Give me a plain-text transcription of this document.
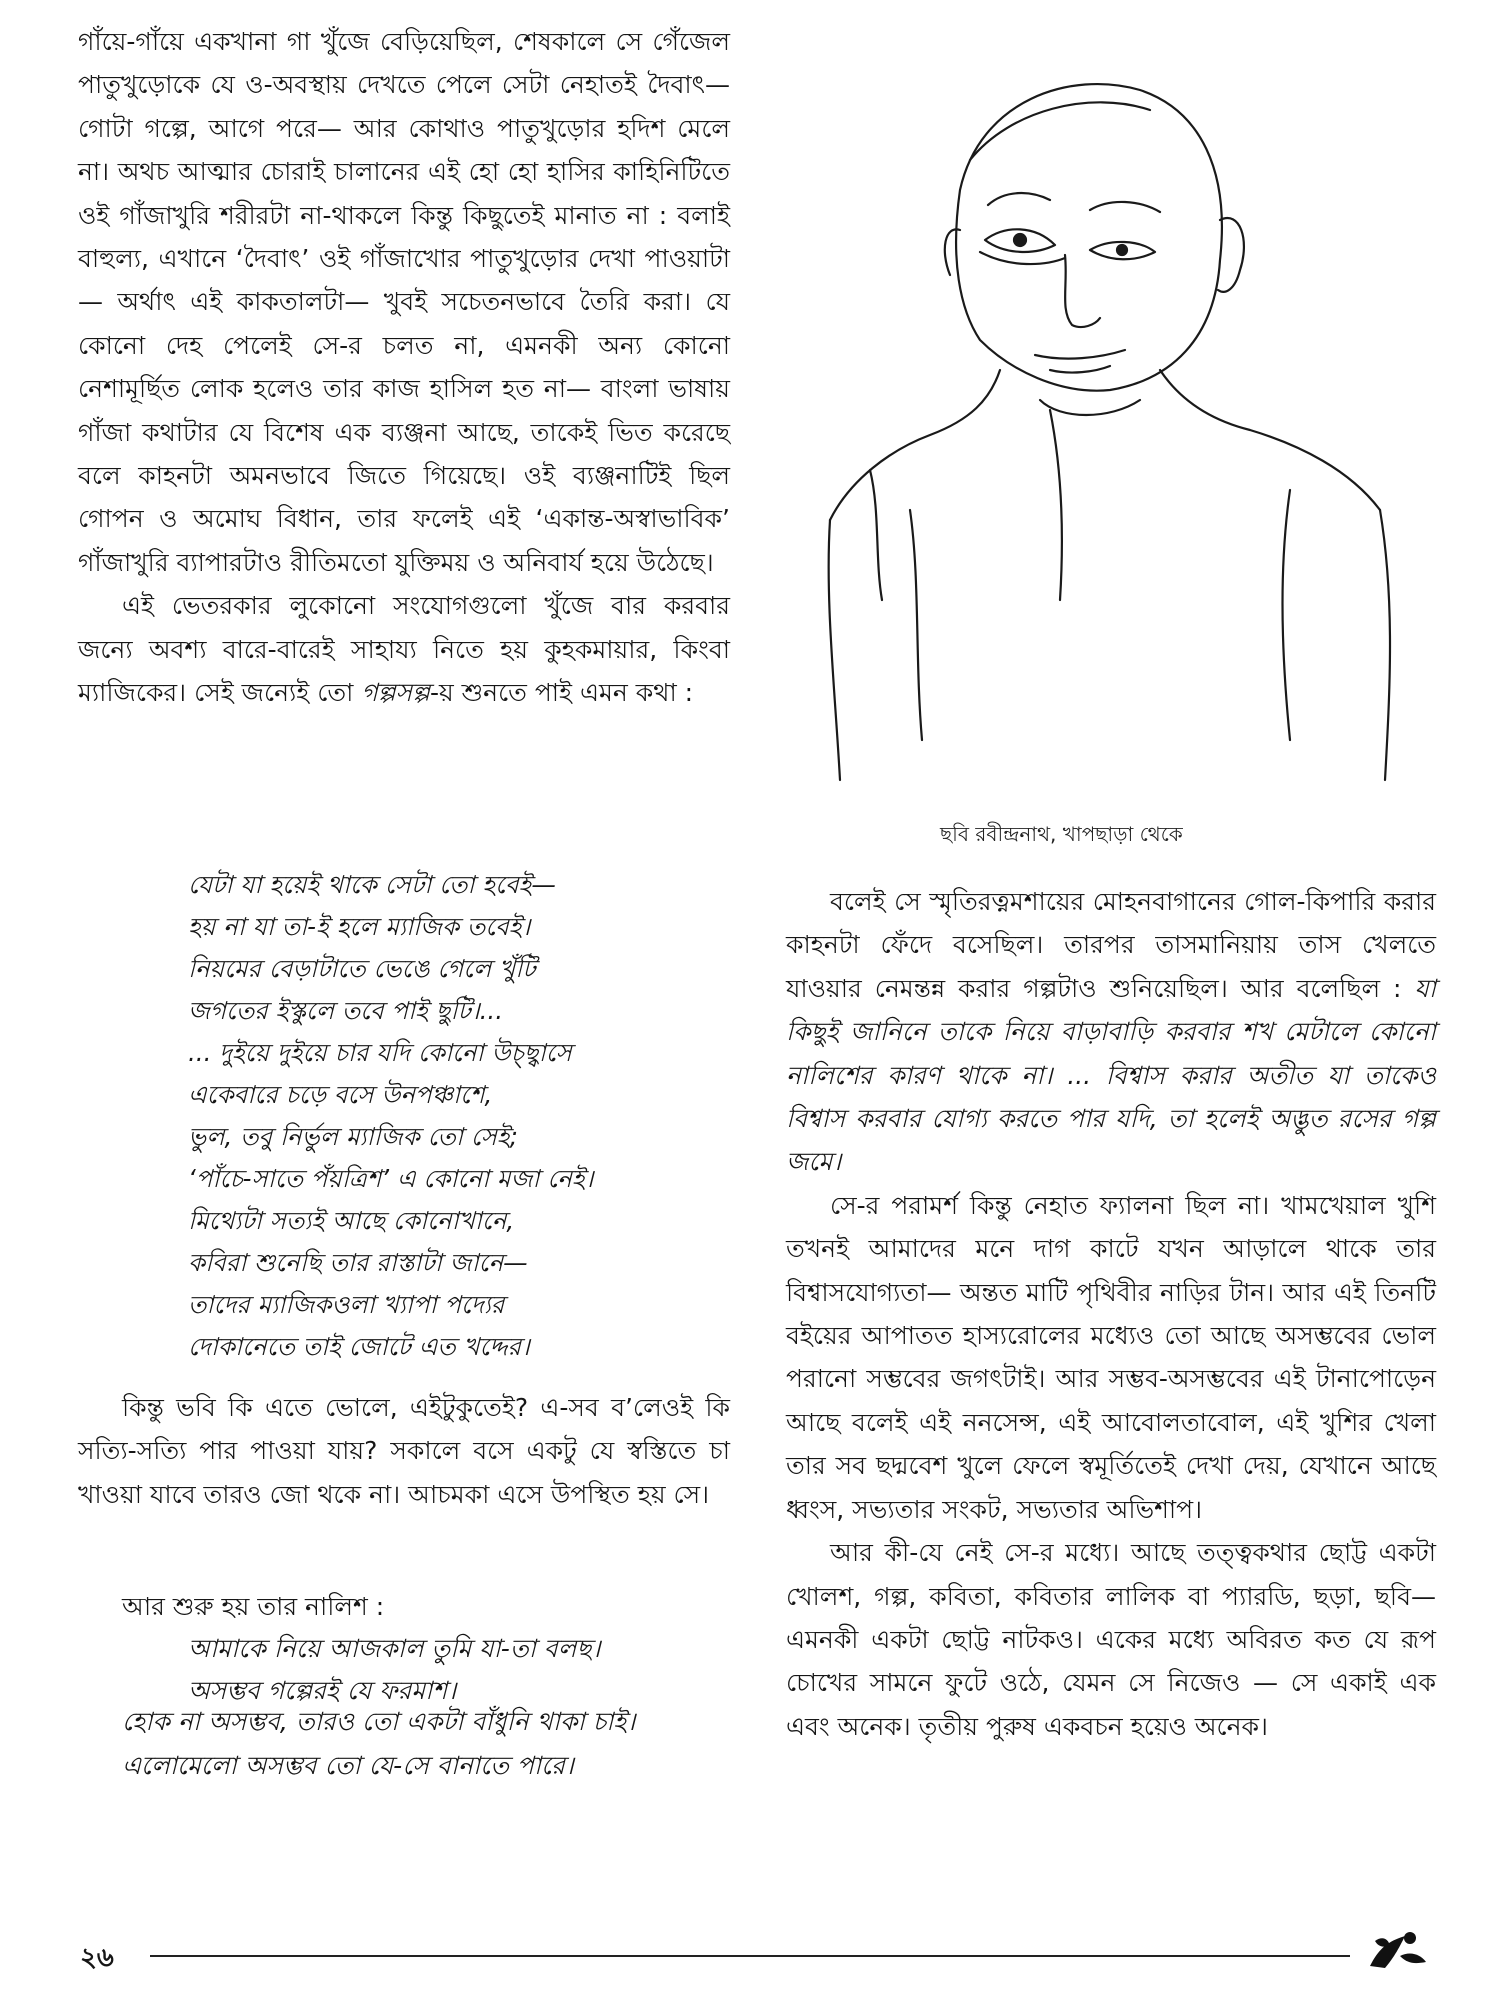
গাঁয়ে-গাঁয়ে একখানা গা খুঁজে বেড়িয়েছিল, শেষকালে সে গেঁজেল পাতুখুড়োকে যে ও-অবস্থায় দেখতে পেলে সেটা নেহাতই দৈবাৎ— গোটা গল্পে, আগে পরে— আর কোথাও পাতুখুড়োর হদিশ মেলে না। অথচ আত্মার চোরাই চালানের এই হো হো হাসির কাহিনিটিতে ওই গাঁজাখুরি শরীরটা না-থাকলে কিন্তু কিছুতেই মানাত না : বলাই বাহুল্য, এখানে ‘দৈবাৎ’ ওই গাঁজাখোর পাতুখুড়োর দেখা পাওয়াটা— অর্থাৎ এই কাকতালটা— খুবই সচেতনভাবে তৈরি করা। যে কোনো দেহ পেলেই সে-র চলত না, এমনকী অন্য কোনো নেশামূর্ছিত লোক হলেও তার কাজ হাসিল হত না— বাংলা ভাষায় গাঁজা কথাটার যে বিশেষ এক ব্যঞ্জনা আছে, তাকেই ভিত করেছে বলে কাহনটা অমনভাবে জিতে গিয়েছে। ওই ব্যঞ্জনাটিই ছিল গোপন ও অমোঘ বিধান, তার ফলেই এই ‘একান্ত-অস্বাভাবিক’ গাঁজাখুরি ব্যাপারটাও রীতিমতো যুক্তিময় ও অনিবার্য হয়ে উঠেছে।

এই ভেতরকার লুকোনো সংযোগগুলো খুঁজে বার করবার জন্যে অবশ্য বারে-বারেই সাহায্য নিতে হয় কুহকমায়ার, কিংবা ম্যাজিকের। সেই জন্যেই তো গল্পসল্প-য় শুনতে পাই এমন কথা :

যেটা যা হয়েই থাকে সেটা তো হবেই—
হয় না যা তা-ই হলে ম্যাজিক তবেই।
নিয়মের বেড়াটাতে ভেঙে গেলে খুঁটি
জগতের ইস্কুলে তবে পাই ছুটি।...
... দুইয়ে দুইয়ে চার যদি কোনো উচ্ছ্বাসে
একেবারে চড়ে বসে উনপঞ্চাশে,
ভুল, তবু নির্ভুল ম্যাজিক তো সেই;
‘পাঁচে-সাতে পঁয়ত্রিশ’ এ কোনো মজা নেই।
মিথ্যেটা সত্যই আছে কোনোখানে,
কবিরা শুনেছি তার রাস্তাটা জানে—
তাদের ম্যাজিকওলা খ্যাপা পদ্যের
দোকানেতে তাই জোটে এত খদ্দের।

কিন্তু ভবি কি এতে ভোলে, এইটুকুতেই? এ-সব ব’লেওই কি সত্যি-সত্যি পার পাওয়া যায়? সকালে বসে একটু যে স্বস্তিতে চা খাওয়া যাবে তারও জো থকে না। আচমকা এসে উপস্থিত হয় সে।

আর শুরু হয় তার নালিশ :
আমাকে নিয়ে আজকাল তুমি যা-তা বলছ।
অসম্ভব গল্পেরই যে ফরমাশ।
হোক না অসম্ভব, তারও তো একটা বাঁধুনি থাকা চাই।
এলোমেলো অসম্ভব তো যে-সে বানাতে পারে।
ছবি রবীন্দ্রনাথ, খাপছাড়া থেকে

বলেই সে স্মৃতিরত্নমশায়ের মোহনবাগানের গোল-কিপারি করার কাহনটা ফেঁদে বসেছিল। তারপর তাসমানিয়ায় তাস খেলতে যাওয়ার নেমন্তন্ন করার গল্পটাও শুনিয়েছিল। আর বলেছিল : যা কিছুই জানিনে তাকে নিয়ে বাড়াবাড়ি করবার শখ মেটালে কোনো নালিশের কারণ থাকে না। ... বিশ্বাস করার অতীত যা তাকেও বিশ্বাস করবার যোগ্য করতে পার যদি, তা হলেই অদ্ভুত রসের গল্প জমে।

সে-র পরামর্শ কিন্তু নেহাত ফ্যালনা ছিল না। খামখেয়াল খুশি তখনই আমাদের মনে দাগ কাটে যখন আড়ালে থাকে তার বিশ্বাসযোগ্যতা— অন্তত মাটি পৃথিবীর নাড়ির টান। আর এই তিনটি বইয়ের আপাতত হাস্যরোলের মধ্যেও তো আছে অসম্ভবের ভোল পরানো সম্ভবের জগৎটাই। আর সম্ভব-অসম্ভবের এই টানাপোড়েন আছে বলেই এই ননসেন্স, এই আবোলতাবোল, এই খুশির খেলা তার সব ছদ্মবেশ খুলে ফেলে স্বমূর্তিতেই দেখা দেয়, যেখানে আছে ধ্বংস, সভ্যতার সংকট, সভ্যতার অভিশাপ।

আর কী-যে নেই সে-র মধ্যে। আছে তত্ত্বকথার ছোট্ট একটা খোলশ, গল্প, কবিতা, কবিতার লালিক বা প্যারডি, ছড়া, ছবি— এমনকী একটা ছোট্ট নাটকও। একের মধ্যে অবিরত কত যে রূপ চোখের সামনে ফুটে ওঠে, যেমন সে নিজেও — সে একাই এক এবং অনেক। তৃতীয় পুরুষ একবচন হয়েও অনেক।

২৬
